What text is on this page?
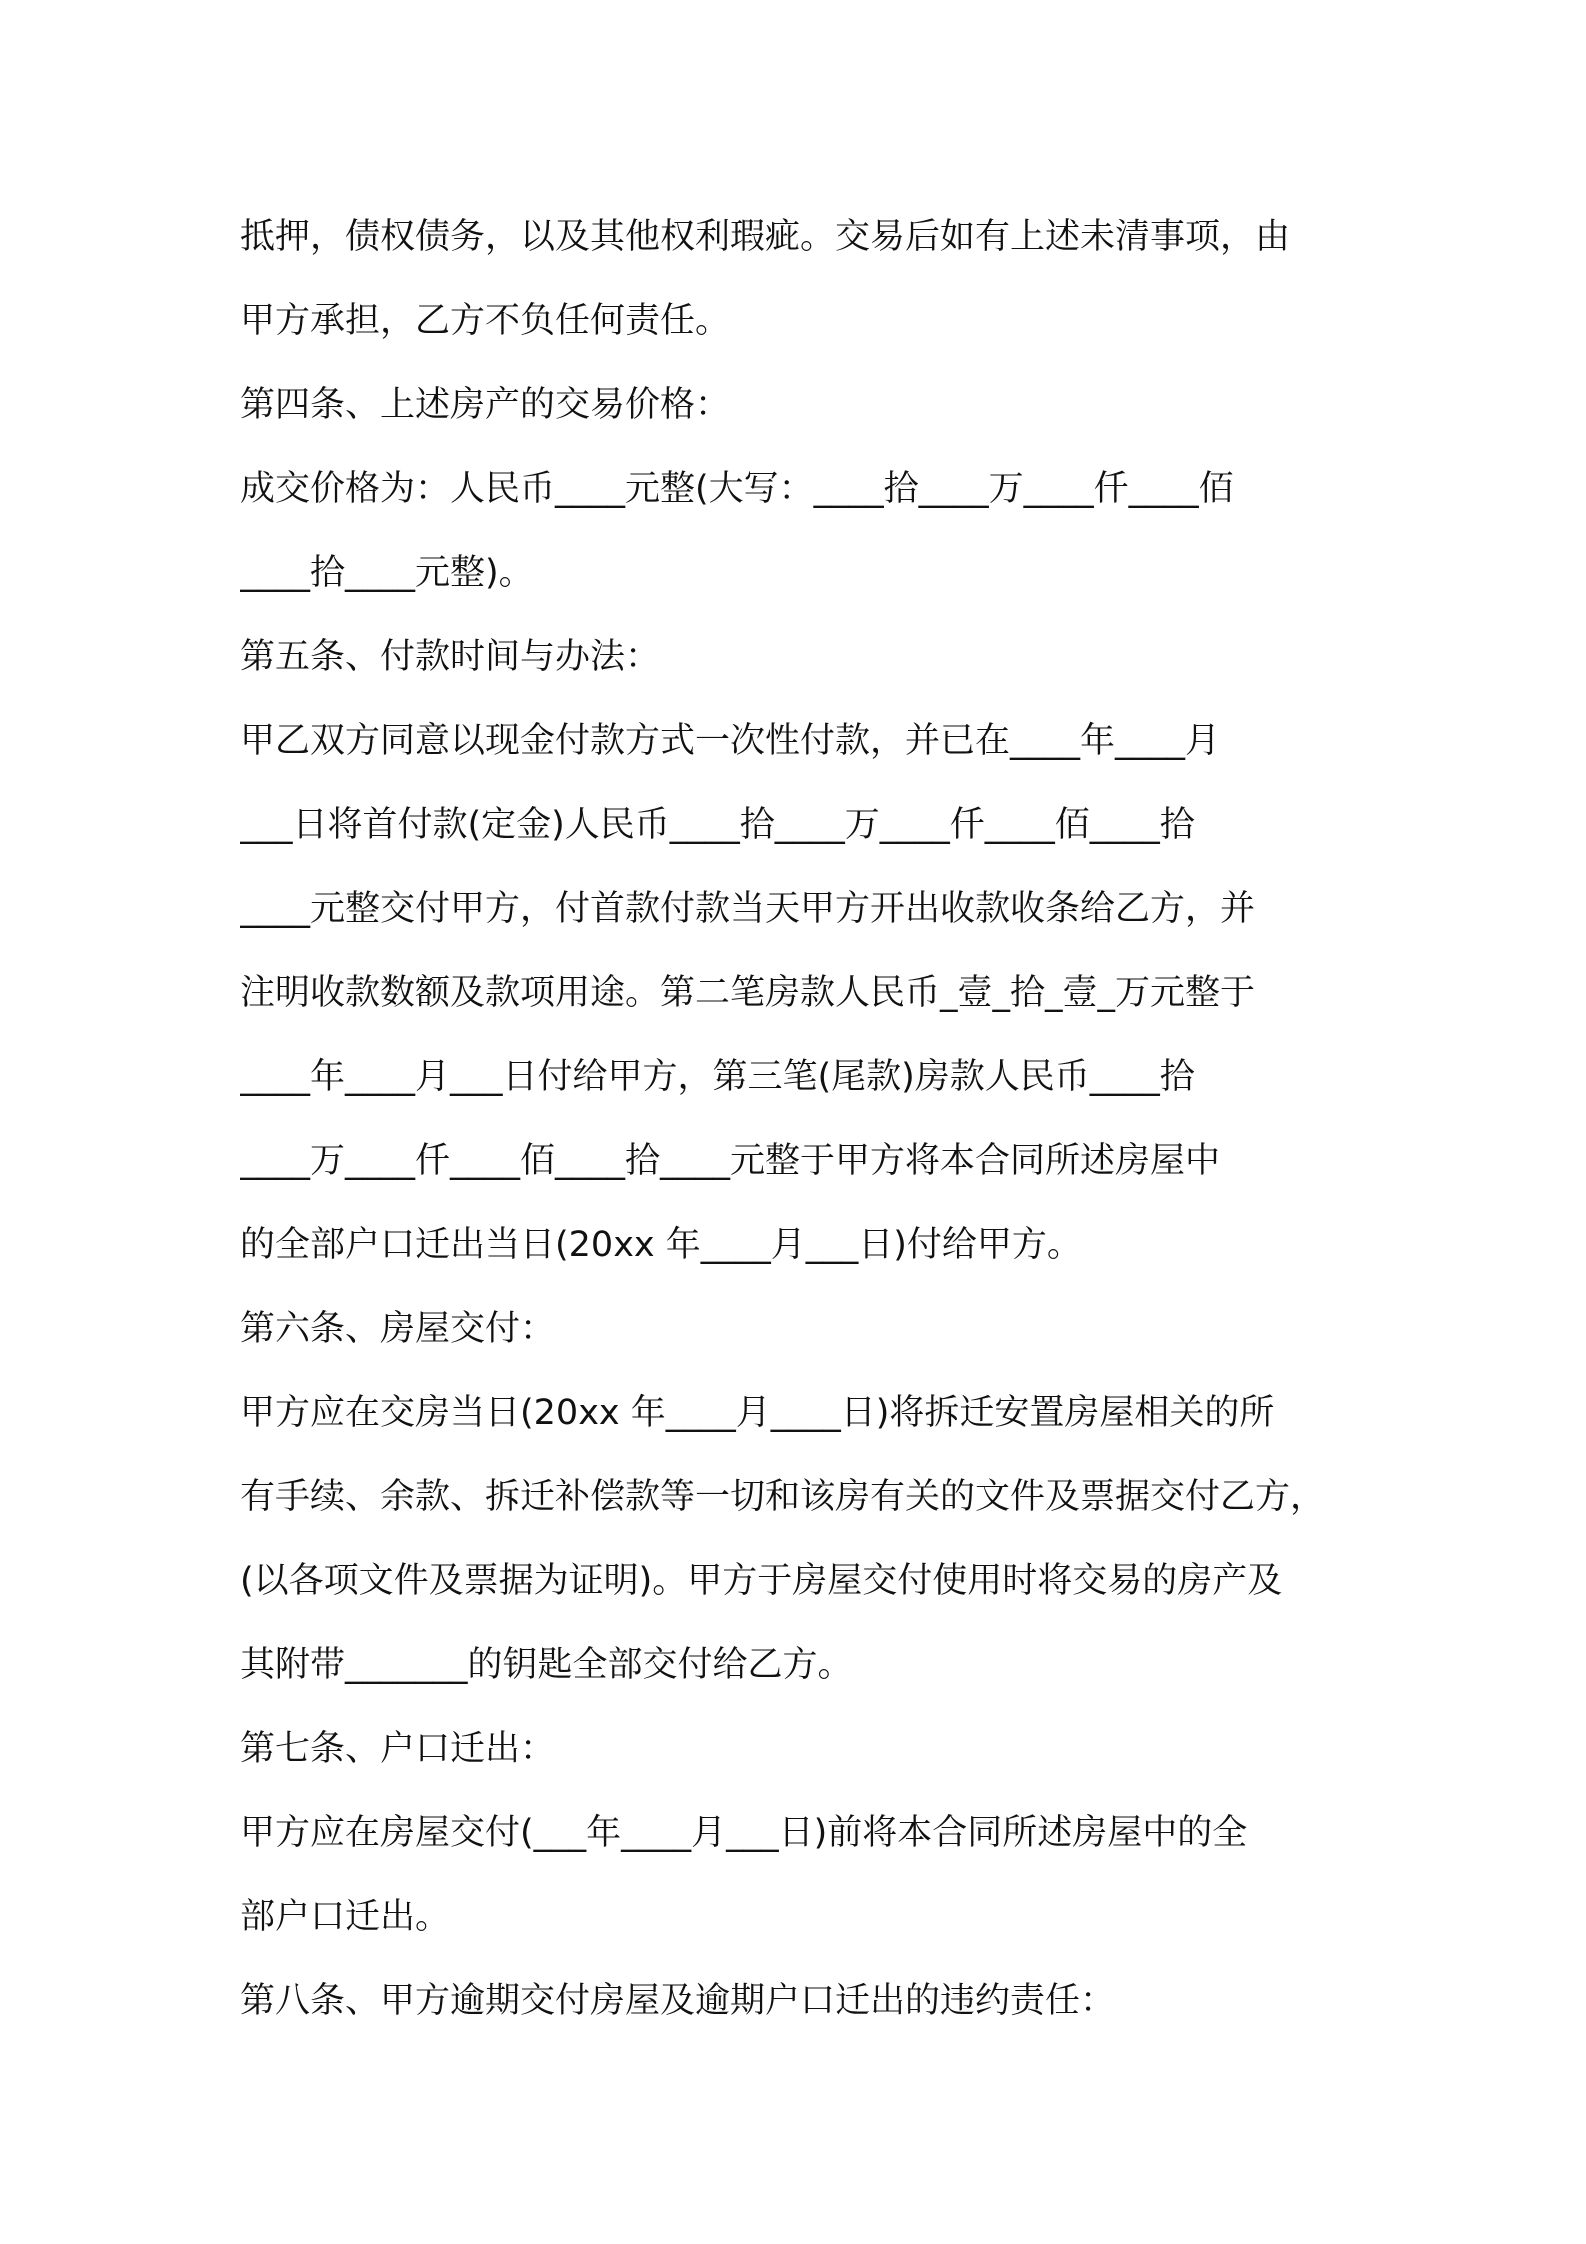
抵押，债权债务，以及其他权利瑕疵。交易后如有上述未清事项，由
甲方承担，乙方不负任何责任。
第四条、上述房产的交易价格：
成交价格为：人民币____元整(大写：____拾____万____仟____佰
____拾____元整)。
第五条、付款时间与办法：
甲乙双方同意以现金付款方式一次性付款，并已在____年____月
___日将首付款(定金)人民币____拾____万____仟____佰____拾
____元整交付甲方，付首款付款当天甲方开出收款收条给乙方，并
注明收款数额及款项用途。第二笔房款人民币_壹_拾_壹_万元整于
____年____月___日付给甲方，第三笔(尾款)房款人民币____拾
____万____仟____佰____拾____元整于甲方将本合同所述房屋中
的全部户口迁出当日(20xx 年____月___日)付给甲方。
第六条、房屋交付：
甲方应在交房当日(20xx 年____月____日)将拆迁安置房屋相关的所
有手续、余款、拆迁补偿款等一切和该房有关的文件及票据交付乙方，
(以各项文件及票据为证明)。甲方于房屋交付使用时将交易的房产及
其附带_______的钥匙全部交付给乙方。
第七条、户口迁出：
甲方应在房屋交付(___年____月___日)前将本合同所述房屋中的全
部户口迁出。
第八条、甲方逾期交付房屋及逾期户口迁出的违约责任：
